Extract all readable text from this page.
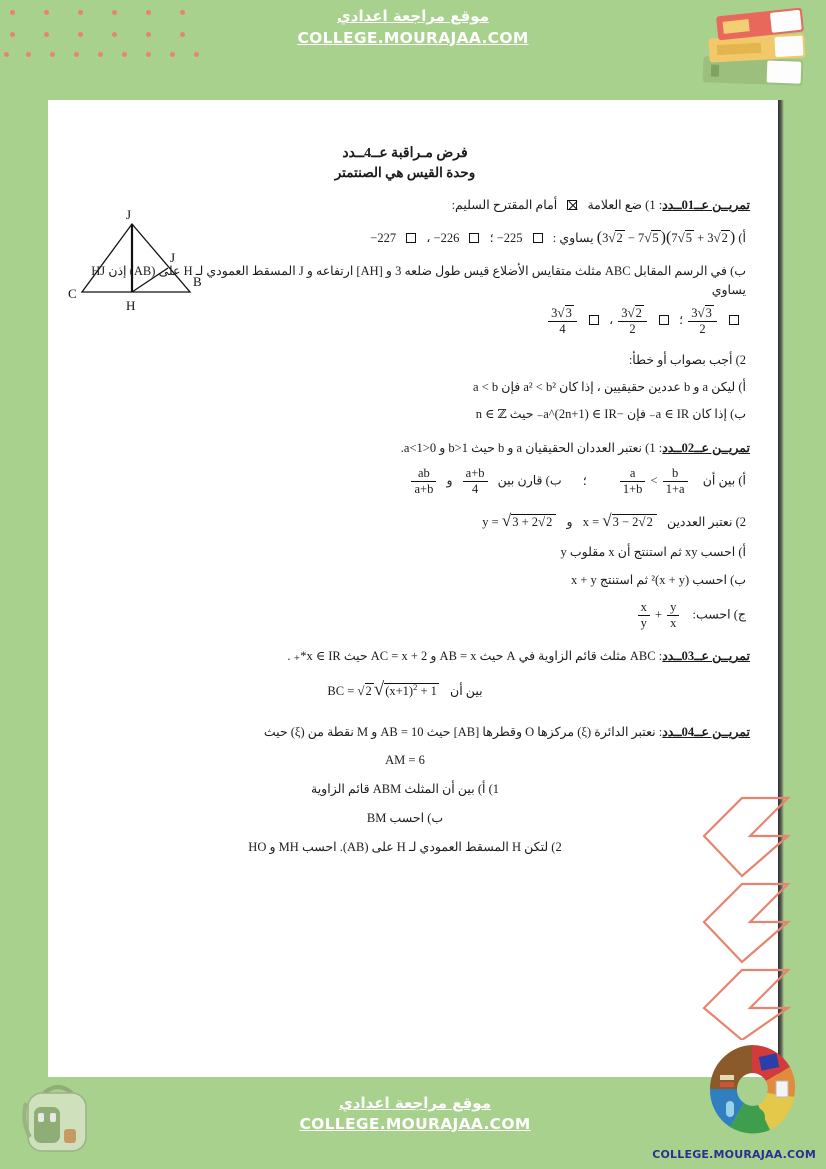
موقع مراجعة اعدادي
COLLEGE.MOURAJAA.COM
فرض مـراقبة عــ4ــدد
وحدة القيس هي الصنتمتر
تمريــن عــ01ــدد: 1) ضع العلامة  أمام المقترح السليم:
J
C
B
H
J
أ) (3√2 − 7√5 )(7√5 + 3√2 ) يساوي :  −225 ؛  −226 ،  −227
ب) في الرسم المقابل ABC مثلث متقايس الأضلاع قيس طول ضلعه 3 و [AH] ارتفاعه و J المسقط العمودي لـ H على (AB) إذن HJ يساوي

$\frac{3√3}{2}$
؛
$\frac{3√2}{2}$
،
$\frac{3√3}{4}$
2) أجب بصواب أو خطأ:
أ) ليكن a و b عددين حقيقيين ، إذا كان a² < b² فإن a < b
ب) إذا كان a ∈ IR₋ فإن −a^(2n+1) ∈ IR₋ حيث n ∈ ℤ
تمريــن عــ02ــدد: 1) نعتبر العددان الحقيقيان a و b حيث b>1 و 0<a<1.
أ) بين أن
$\frac{a}{1+b} < \frac{b}{1+a}$
؛ ب) قارن بين
$\frac{a+b}{4}$
و
$\frac{ab}{a+b}$
2) نعتبر العددين x = √3 − 2√2 و y = √3 + 2√2
أ) احسب xy ثم استنتج أن x مقلوب y
ب) احسب (x + y)² ثم استنتج x + y
ج) احسب:
$\frac{x}{y} + \frac{y}{x}$
تمريــن عــ03ــدد: ABC مثلث قائم الزاوية في A حيث AB = x و AC = x + 2 حيث x ∈ IR*₊ .
بين أن BC = √2 $√(x+1)^2 + 1$
تمريــن عــ04ــدد: نعتبر الدائرة (ξ) مركزها O وقطرها [AB] حيث AB = 10 و M نقطة من (ξ) حيث
AM = 6
1) أ) بين أن المثلث ABM قائم الزاوية
ب) احسب BM
2) لتكن H المسقط العمودي لـ H على (AB). احسب MH و HO
موقع مراجعة اعدادي
COLLEGE.MOURAJAA.COM
COLLEGE.MOURAJAA.COM
